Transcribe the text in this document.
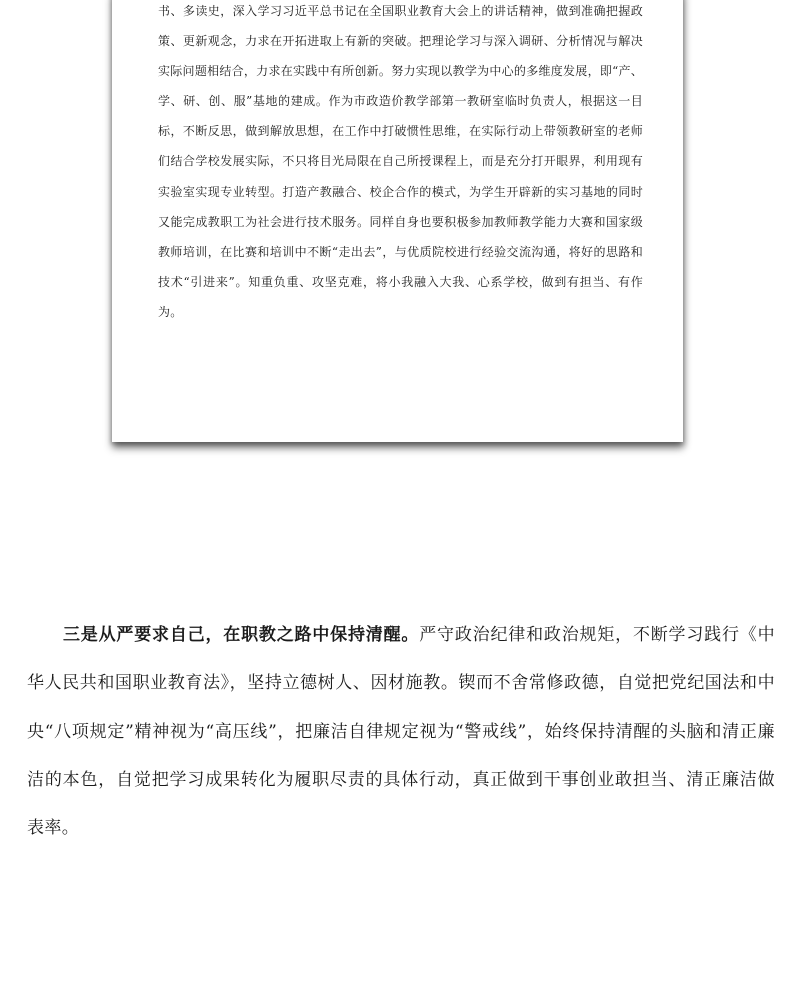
书、多读史，深入学习习近平总书记在全国职业教育大会上的讲话精神，做到准确把握政策、更新观念，力求在开拓进取上有新的突破。把理论学习与深入调研、分析情况与解决实际问题相结合，力求在实践中有所创新。努力实现以教学为中心的多维度发展，即“产、学、研、创、服”基地的建成。作为市政造价教学部第一教研室临时负责人，根据这一目标，不断反思，做到解放思想，在工作中打破惯性思维，在实际行动上带领教研室的老师们结合学校发展实际，不只将目光局限在自己所授课程上，而是充分打开眼界，利用现有实验室实现专业转型。打造产教融合、校企合作的模式，为学生开辟新的实习基地的同时又能完成教职工为社会进行技术服务。同样自身也要积极参加教师教学能力大赛和国家级教师培训，在比赛和培训中不断“走出去”，与优质院校进行经验交流沟通，将好的思路和技术“引进来”。知重负重、攻坚克难，将小我融入大我、心系学校，做到有担当、有作为。

三是从严要求自己，在职教之路中保持清醒。严守政治纪律和政治规矩，不断学习践行《中华人民共和国职业教育法》，坚持立德树人、因材施教。锲而不舍常修政德，自觉把党纪国法和中央“八项规定”精神视为“高压线”，把廉洁自律规定视为“警戒线”，始终保持清醒的头脑和清正廉洁的本色，自觉把学习成果转化为履职尽责的具体行动，真正做到干事创业敢担当、清正廉洁做表率。
